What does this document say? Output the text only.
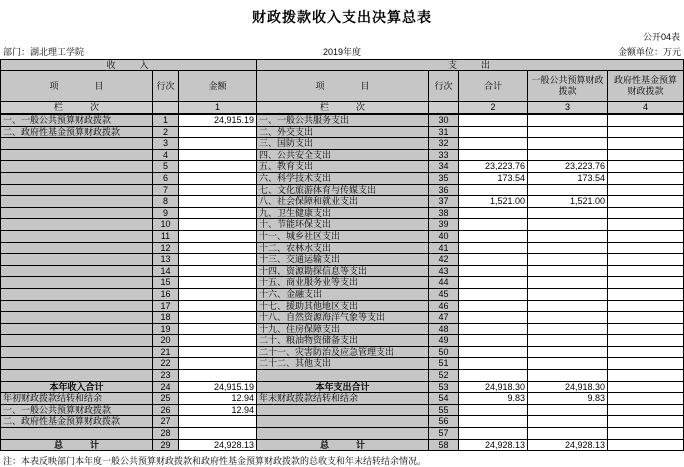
财政拨款收入支出决算总表
公开04表
部门：湖北理工学院	2019年度	金额单位：万元
收　　入			支　　出				
项　　　　目	行次	金额	项　　　　目	行次	合计	一般公共预算财政拨款	政府性基金预算财政拨款
栏　　　次		1	栏　　　次		2	3	4
一、一般公共预算财政拨款	1	24,915.19	一、一般公共服务支出	30			
二、政府性基金预算财政拨款	2		二、外交支出	31			
	3		三、国防支出	32			
	4		四、公共安全支出	33			
	5		五、教育支出	34	23,223.76	23,223.76	
	6		六、科学技术支出	35	173.54	173.54	
	7		七、文化旅游体育与传媒支出	36			
	8		八、社会保障和就业支出	37	1,521.00	1,521.00	
	9		九、卫生健康支出	38			
	10		十、节能环保支出	39			
	11		十一、城乡社区支出	40			
	12		十二、农林水支出	41			
	13		十三、交通运输支出	42			
	14		十四、资源勘探信息等支出	43			
	15		十五、商业服务业等支出	44			
	16		十六、金融支出	45			
	17		十七、援助其他地区支出	46			
	18		十八、自然资源海洋气象等支出	47			
	19		十九、住房保障支出	48			
	20		二十、粮油物资储备支出	49			
	21		二十一、灾害防治及应急管理支出	50			
	22		二十二、其他支出	51			
	23			52			
本年收入合计	24	24,915.19	本年支出合计	53	24,918.30	24,918.30	
年初财政拨款结转和结余	25	12.94	年末财政拨款结转和结余	54	9.83	9.83	
一、一般公共预算财政拨款	26	12.94		55			
二、政府性基金预算财政拨款	27			56			
	28			57			
总　　　计	29	24,928.13	总　　　计	58	24,928.13	24,928.13	
注：本表反映部门本年度一般公共预算财政拨款和政府性基金预算财政拨款的总收支和年末结转结余情况。
